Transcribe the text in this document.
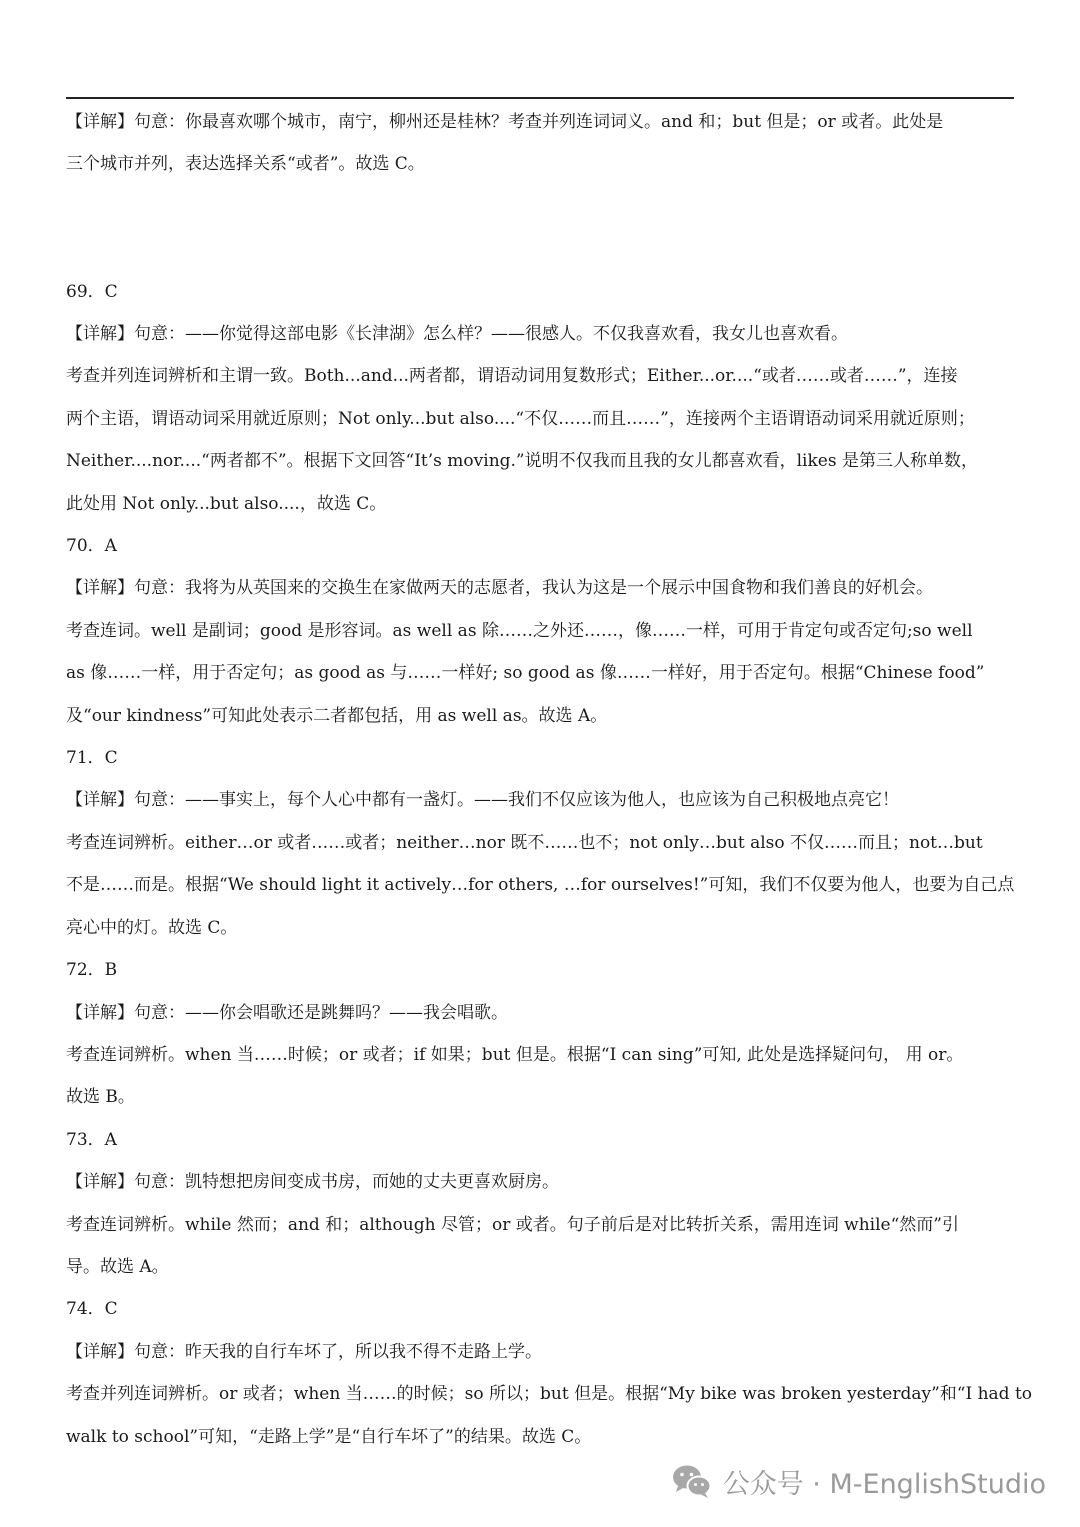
【详解】句意：你最喜欢哪个城市，南宁，柳州还是桂林？考查并列连词词义。and 和；but 但是；or 或者。此处是

三个城市并列，表达选择关系“或者”。故选 C。

69．C

【详解】句意：——你觉得这部电影《长津湖》怎么样？——很感人。不仅我喜欢看，我女儿也喜欢看。

考查并列连词辨析和主谓一致。Both...and...两者都，谓语动词用复数形式；Either...or....“或者……或者……”，连接

两个主语，谓语动词采用就近原则；Not only...but also....“不仅……而且……”，连接两个主语谓语动词采用就近原则；

Neither....nor....“两者都不”。根据下文回答“It’s moving.”说明不仅我而且我的女儿都喜欢看，likes 是第三人称单数，

此处用 Not only...but also....，故选 C。

70．A

【详解】句意：我将为从英国来的交换生在家做两天的志愿者，我认为这是一个展示中国食物和我们善良的好机会。

考查连词。well 是副词；good 是形容词。as well as 除……之外还……，像……一样，可用于肯定句或否定句;so well

as 像……一样，用于否定句；as good as 与……一样好; so good as 像……一样好，用于否定句。根据“Chinese food”

及“our kindness”可知此处表示二者都包括，用 as well as。故选 A。

71．C

【详解】句意：——事实上，每个人心中都有一盏灯。——我们不仅应该为他人，也应该为自己积极地点亮它！

考查连词辨析。either…or 或者……或者；neither…nor 既不……也不；not only…but also 不仅……而且；not…but

不是……而是。根据“We should light it actively…for others, …for ourselves!”可知，我们不仅要为他人，也要为自己点

亮心中的灯。故选 C。

72．B

【详解】句意：——你会唱歌还是跳舞吗？——我会唱歌。

考查连词辨析。when 当……时候；or 或者；if 如果；but 但是。根据“I can sing”可知, 此处是选择疑问句， 用 or。

故选 B。

73．A

【详解】句意：凯特想把房间变成书房，而她的丈夫更喜欢厨房。

考查连词辨析。while 然而；and 和；although 尽管；or 或者。句子前后是对比转折关系，需用连词 while“然而”引

导。故选 A。

74．C

【详解】句意：昨天我的自行车坏了，所以我不得不走路上学。

考查并列连词辨析。or 或者；when 当……的时候；so 所以；but 但是。根据“My bike was broken yesterday”和“I had to

walk to school”可知，“走路上学”是“自行车坏了”的结果。故选 C。

公众号 · M-EnglishStudio
